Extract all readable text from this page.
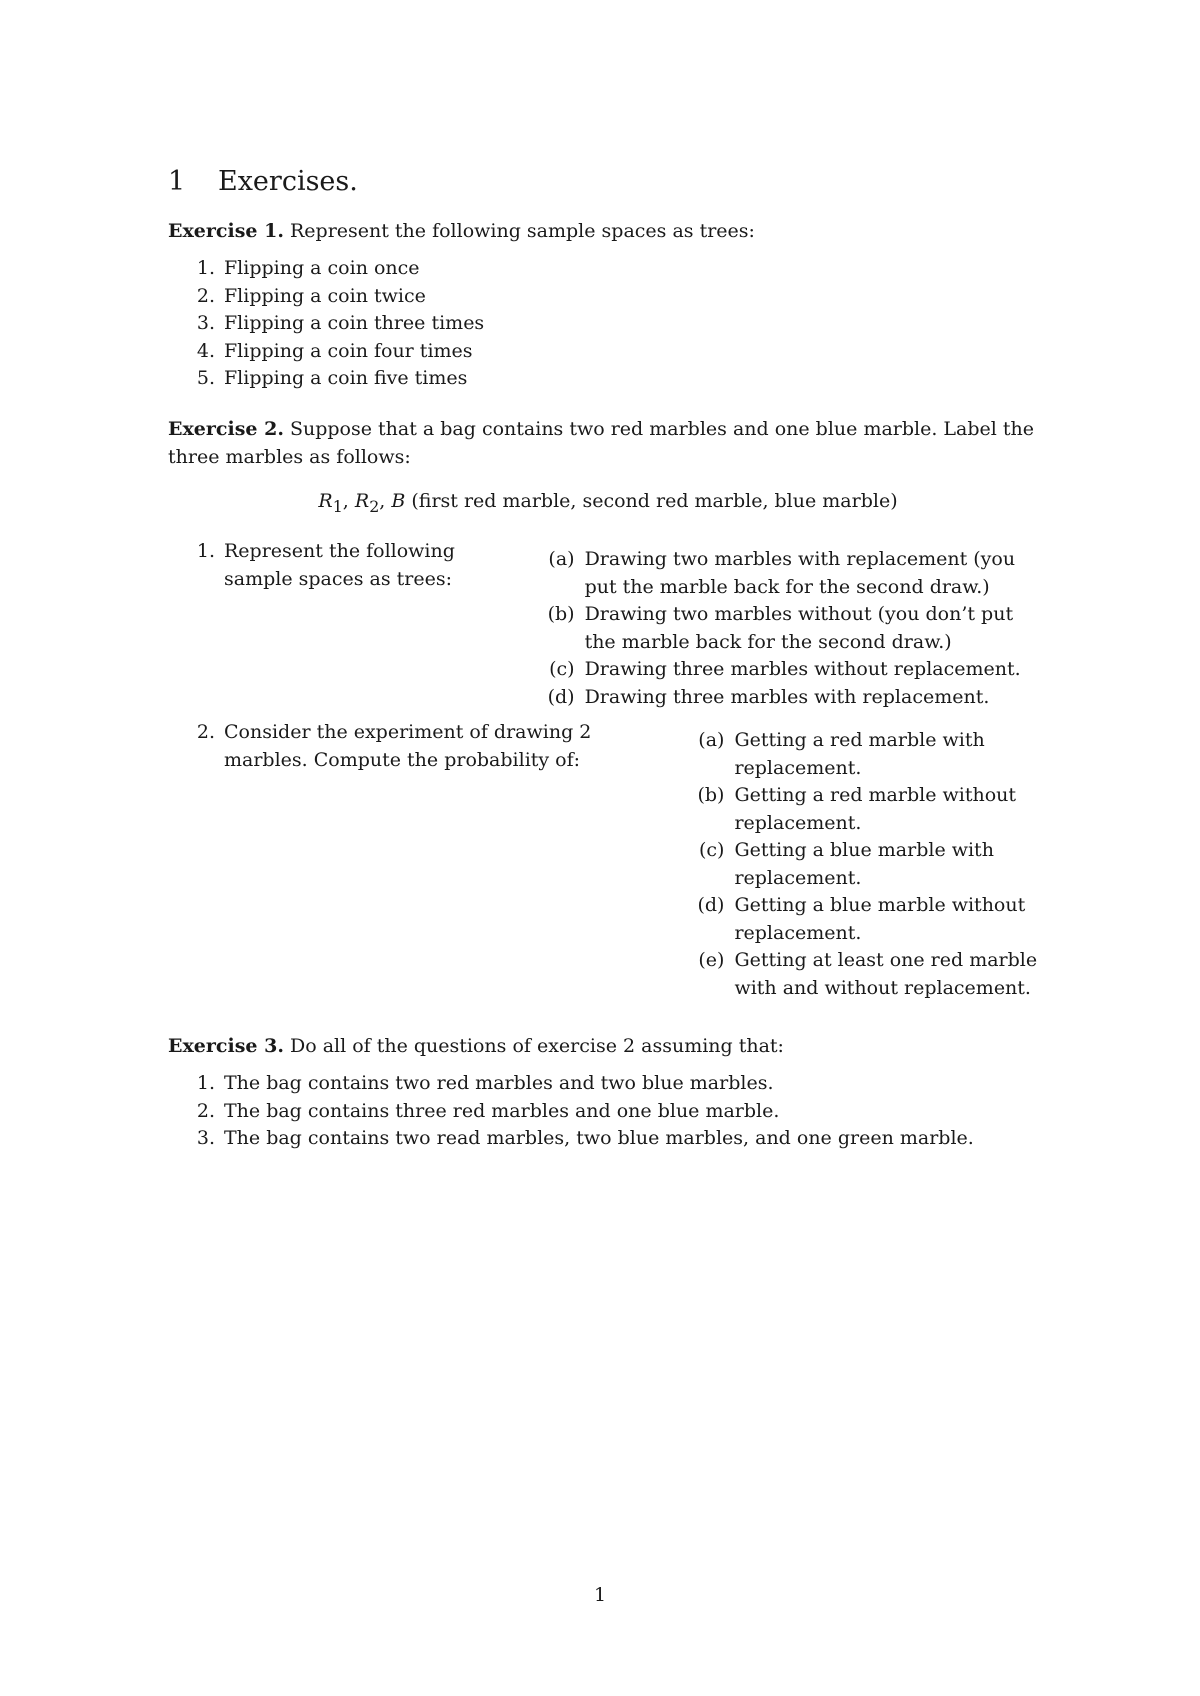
1	Exercises.

Exercise 1. Represent the following sample spaces as trees:

1. Flipping a coin once
2. Flipping a coin twice
3. Flipping a coin three times
4. Flipping a coin four times
5. Flipping a coin five times

Exercise 2. Suppose that a bag contains two red marbles and one blue marble. Label the three marbles as follows:

$R_1$, $R_2$, B (first red marble, second red marble, blue marble)
1. Represent the following sample spaces as trees:
(a) Drawing two marbles with replacement (you put the marble back for the second draw.)
(b) Drawing two marbles without (you don’t put the marble back for the second draw.)
(c) Drawing three marbles without replacement.
(d) Drawing three marbles with replacement.
2. Consider the experiment of drawing 2 marbles. Compute the probability of:
(a) Getting a red marble with replacement.
(b) Getting a red marble without replacement.
(c) Getting a blue marble with replacement.
(d) Getting a blue marble without replacement.
(e) Getting at least one red marble with and without replacement.

Exercise 3. Do all of the questions of exercise 2 assuming that:

1. The bag contains two red marbles and two blue marbles.
2. The bag contains three red marbles and one blue marble.
3. The bag contains two read marbles, two blue marbles, and one green marble.
1
